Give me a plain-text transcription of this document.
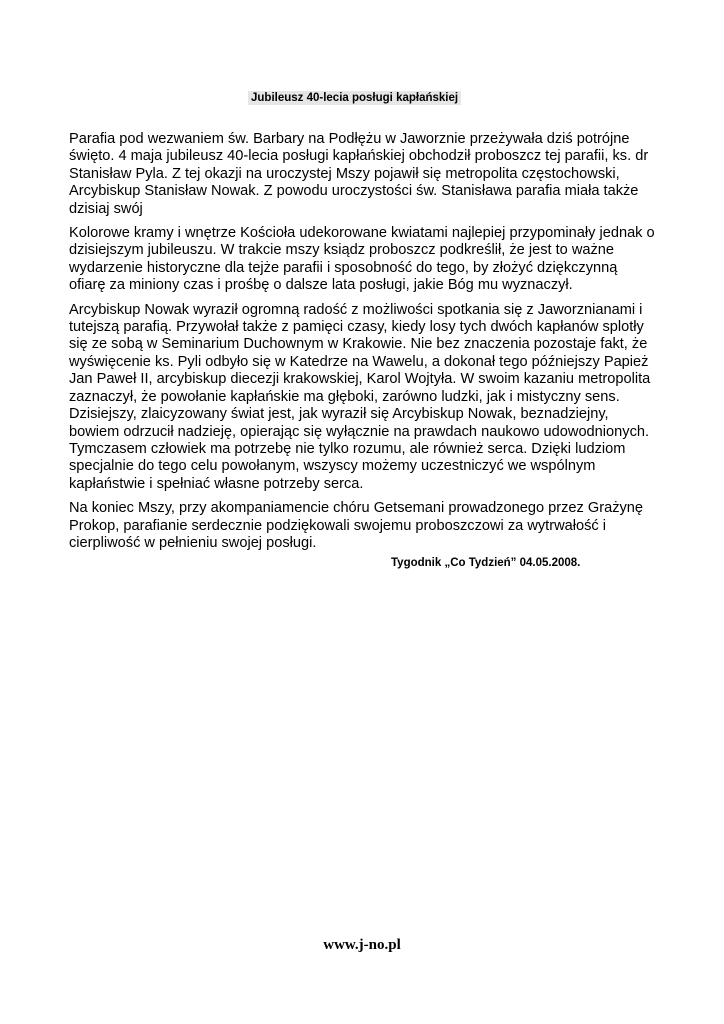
Jubileusz 40-lecia posługi kapłańskiej

Parafia pod wezwaniem św. Barbary na Podłężu w Jaworznie przeżywała dziś potrójne
święto. 4 maja jubileusz 40-lecia posługi kapłańskiej obchodził proboszcz tej parafii, ks. dr
Stanisław Pyla. Z tej okazji na uroczystej Mszy pojawił się metropolita częstochowski,
Arcybiskup Stanisław Nowak. Z powodu uroczystości św. Stanisława parafia miała także
dzisiaj swój

Kolorowe kramy i wnętrze Kościoła udekorowane kwiatami najlepiej przypominały jednak o
dzisiejszym jubileuszu. W trakcie mszy ksiądz proboszcz podkreślił, że jest to ważne
wydarzenie historyczne dla tejże parafii i sposobność do tego, by złożyć dziękczynną
ofiarę za miniony czas i prośbę o dalsze lata posługi, jakie Bóg mu wyznaczył.

Arcybiskup Nowak wyraził ogromną radość z możliwości spotkania się z Jaworznianami i
tutejszą parafią. Przywołał także z pamięci czasy, kiedy losy tych dwóch kapłanów splotły
się ze sobą w Seminarium Duchownym w Krakowie. Nie bez znaczenia pozostaje fakt, że
wyświęcenie ks. Pyli odbyło się w Katedrze na Wawelu, a dokonał tego późniejszy Papież
Jan Paweł II, arcybiskup diecezji krakowskiej, Karol Wojtyła. W swoim kazaniu metropolita
zaznaczył, że powołanie kapłańskie ma głęboki, zarówno ludzki, jak i mistyczny sens.
Dzisiejszy, zlaicyzowany świat jest, jak wyraził się Arcybiskup Nowak, beznadziejny,
bowiem odrzucił nadzieję, opierając się wyłącznie na prawdach naukowo udowodnionych.
Tymczasem człowiek ma potrzebę nie tylko rozumu, ale również serca. Dzięki ludziom
specjalnie do tego celu powołanym, wszyscy możemy uczestniczyć we wspólnym
kapłaństwie i spełniać własne potrzeby serca.

Na koniec Mszy, przy akompaniamencie chóru Getsemani prowadzonego przez Grażynę
Prokop, parafianie serdecznie podziękowali swojemu proboszczowi za wytrwałość i
cierpliwość w pełnieniu swojej posługi.

Tygodnik „Co Tydzień” 04.05.2008.
www.j-no.pl
